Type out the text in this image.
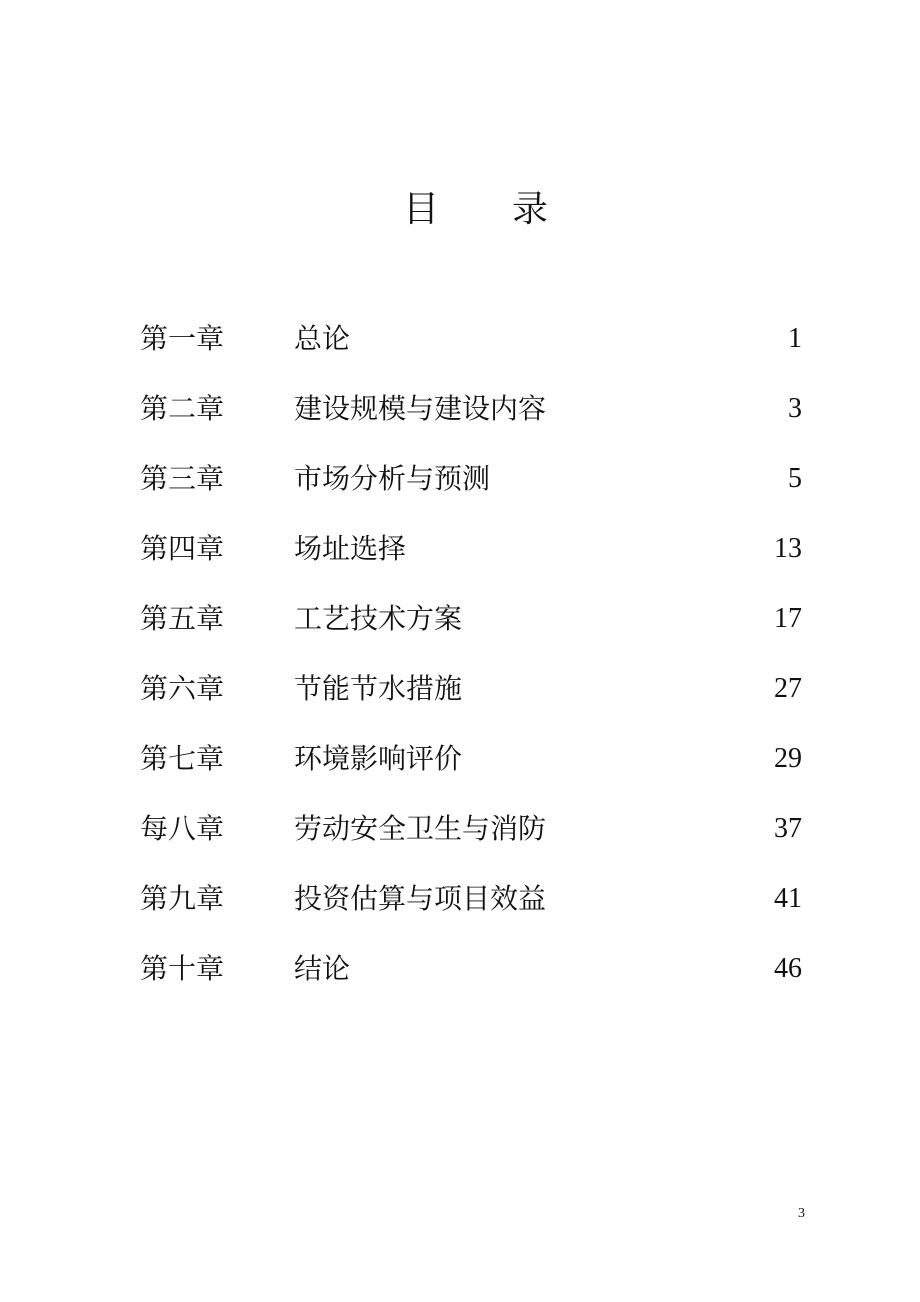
目 录
第一章 总论	1
第二章 建设规模与建设内容	3
第三章 市场分析与预测	5
第四章 场址选择	13
第五章 工艺技术方案	17
第六章 节能节水措施	27
第七章 环境影响评价	29
每八章 劳动安全卫生与消防	37
第九章 投资估算与项目效益	41
第十章 结论	46
3
